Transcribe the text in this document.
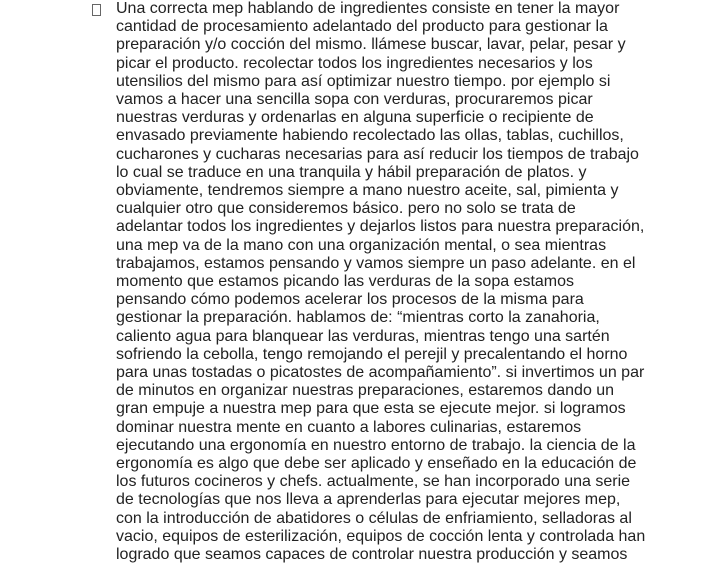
Una correcta mep hablando de ingredientes consiste en tener la mayor
cantidad de procesamiento adelantado del producto para gestionar la
preparación y/o cocción del mismo. llámese buscar, lavar, pelar, pesar y
picar el producto. recolectar todos los ingredientes necesarios y los
utensilios del mismo para así optimizar nuestro tiempo. por ejemplo si
vamos a hacer una sencilla sopa con verduras, procuraremos picar
nuestras verduras y ordenarlas en alguna superficie o recipiente de
envasado previamente habiendo recolectado las ollas, tablas, cuchillos,
cucharones y cucharas necesarias para así reducir los tiempos de trabajo
lo cual se traduce en una tranquila y hábil preparación de platos. y
obviamente, tendremos siempre a mano nuestro aceite, sal, pimienta y
cualquier otro que consideremos básico. pero no solo se trata de
adelantar todos los ingredientes y dejarlos listos para nuestra preparación,
una mep va de la mano con una organización mental, o sea mientras
trabajamos, estamos pensando y vamos siempre un paso adelante. en el
momento que estamos picando las verduras de la sopa estamos
pensando cómo podemos acelerar los procesos de la misma para
gestionar la preparación. hablamos de: “mientras corto la zanahoria,
caliento agua para blanquear las verduras, mientras tengo una sartén
sofriendo la cebolla, tengo remojando el perejil y precalentando el horno
para unas tostadas o picatostes de acompañamiento”. si invertimos un par
de minutos en organizar nuestras preparaciones, estaremos dando un
gran empuje a nuestra mep para que esta se ejecute mejor. si logramos
dominar nuestra mente en cuanto a labores culinarias, estaremos
ejecutando una ergonomía en nuestro entorno de trabajo. la ciencia de la
ergonomía es algo que debe ser aplicado y enseñado en la educación de
los futuros cocineros y chefs. actualmente, se han incorporado una serie
de tecnologías que nos lleva a aprenderlas para ejecutar mejores mep,
con la introducción de abatidores o células de enfriamiento, selladoras al
vacio, equipos de esterilización, equipos de cocción lenta y controlada han
logrado que seamos capaces de controlar nuestra producción y seamos
